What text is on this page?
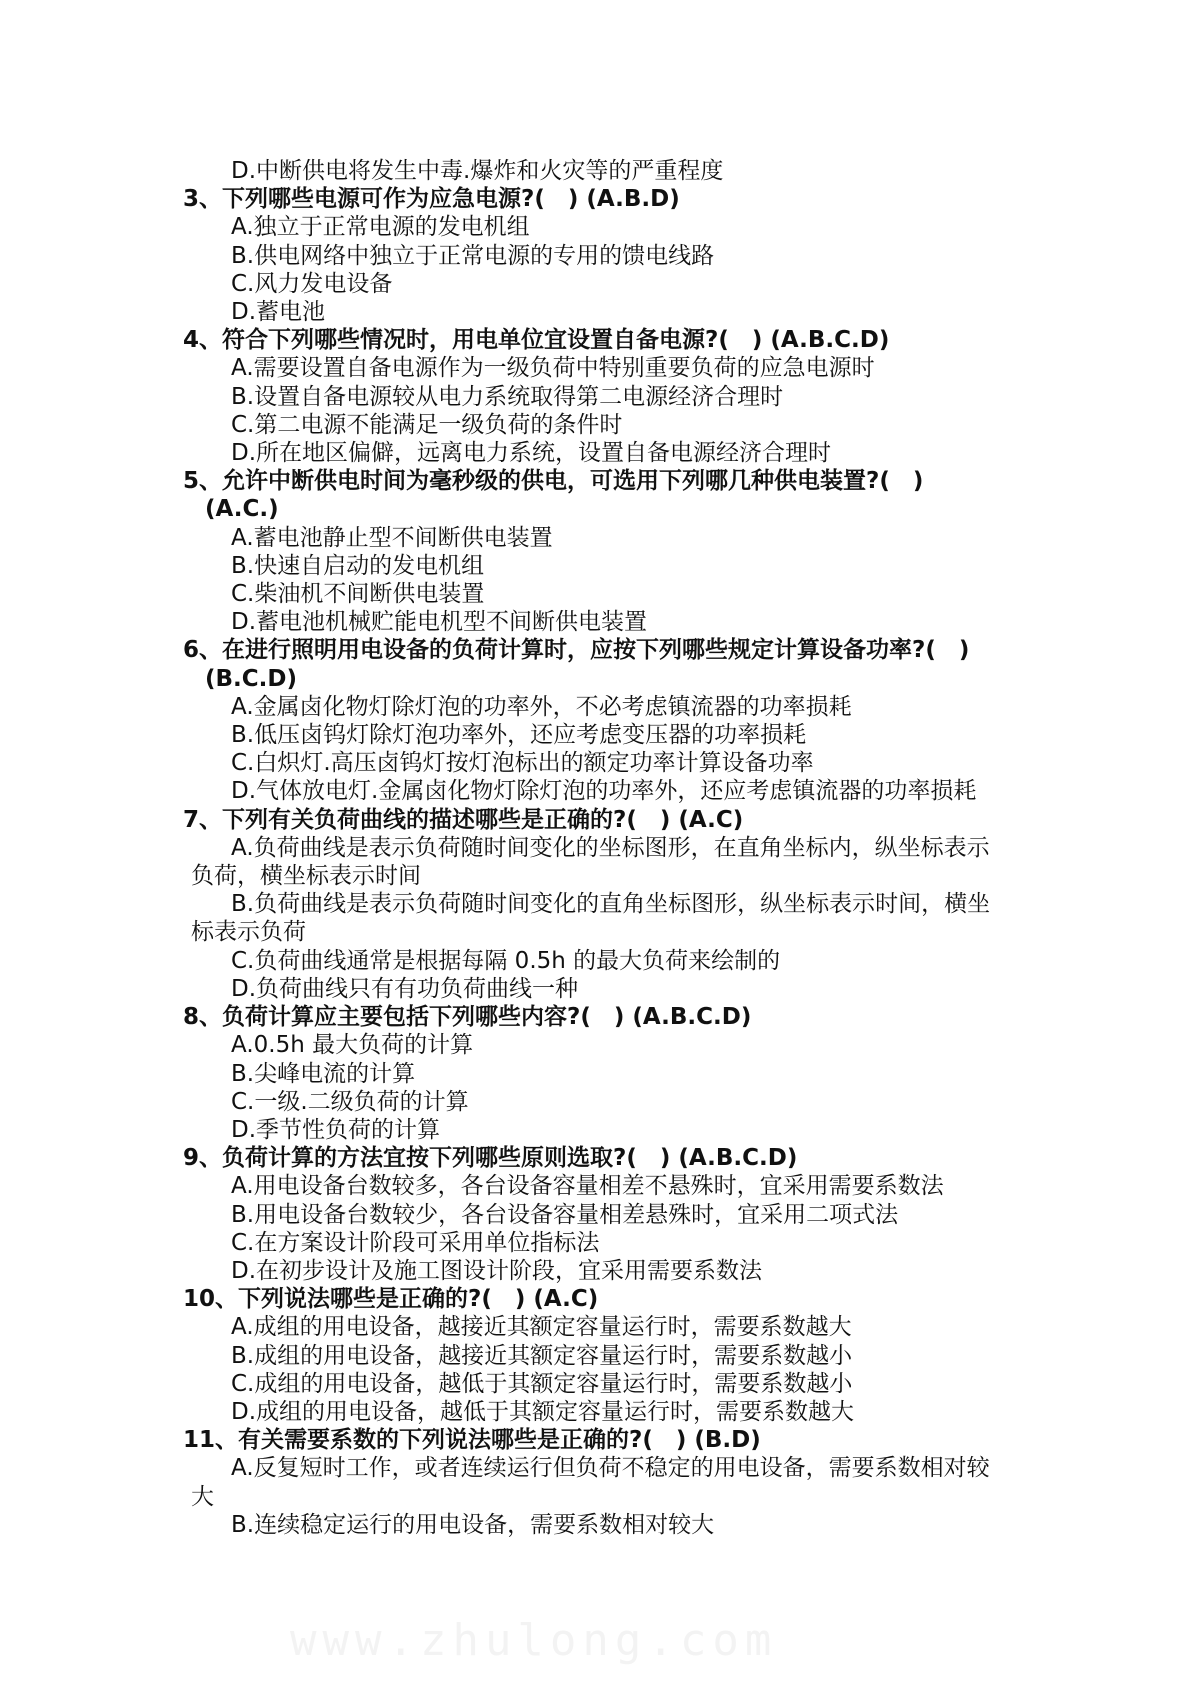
D.中断供电将发生中毒.爆炸和火灾等的严重程度
3、下列哪些电源可作为应急电源?(　) (A.B.D)
A.独立于正常电源的发电机组
B.供电网络中独立于正常电源的专用的馈电线路
C.风力发电设备
D.蓄电池
4、符合下列哪些情况时，用电单位宜设置自备电源?(　) (A.B.C.D)
A.需要设置自备电源作为一级负荷中特别重要负荷的应急电源时
B.设置自备电源较从电力系统取得第二电源经济合理时
C.第二电源不能满足一级负荷的条件时
D.所在地区偏僻，远离电力系统，设置自备电源经济合理时
5、允许中断供电时间为毫秒级的供电，可选用下列哪几种供电装置?(　)
(A.C.)
A.蓄电池静止型不间断供电装置
B.快速自启动的发电机组
C.柴油机不间断供电装置
D.蓄电池机械贮能电机型不间断供电装置
6、在进行照明用电设备的负荷计算时，应按下列哪些规定计算设备功率?(　)
(B.C.D)
A.金属卤化物灯除灯泡的功率外，不必考虑镇流器的功率损耗
B.低压卤钨灯除灯泡功率外，还应考虑变压器的功率损耗
C.白炽灯.高压卤钨灯按灯泡标出的额定功率计算设备功率
D.气体放电灯.金属卤化物灯除灯泡的功率外，还应考虑镇流器的功率损耗
7、下列有关负荷曲线的描述哪些是正确的?(　) (A.C)
A.负荷曲线是表示负荷随时间变化的坐标图形，在直角坐标内，纵坐标表示
负荷，横坐标表示时间
B.负荷曲线是表示负荷随时间变化的直角坐标图形，纵坐标表示时间，横坐
标表示负荷
C.负荷曲线通常是根据每隔 0.5h 的最大负荷来绘制的
D.负荷曲线只有有功负荷曲线一种
8、负荷计算应主要包括下列哪些内容?(　) (A.B.C.D)
A.0.5h 最大负荷的计算
B.尖峰电流的计算
C.一级.二级负荷的计算
D.季节性负荷的计算
9、负荷计算的方法宜按下列哪些原则选取?(　) (A.B.C.D)
A.用电设备台数较多，各台设备容量相差不悬殊时，宜采用需要系数法
B.用电设备台数较少，各台设备容量相差悬殊时，宜采用二项式法
C.在方案设计阶段可采用单位指标法
D.在初步设计及施工图设计阶段，宜采用需要系数法
10、下列说法哪些是正确的?(　) (A.C)
A.成组的用电设备，越接近其额定容量运行时，需要系数越大
B.成组的用电设备，越接近其额定容量运行时，需要系数越小
C.成组的用电设备，越低于其额定容量运行时，需要系数越小
D.成组的用电设备，越低于其额定容量运行时，需要系数越大
11、有关需要系数的下列说法哪些是正确的?(　) (B.D)
A.反复短时工作，或者连续运行但负荷不稳定的用电设备，需要系数相对较
大
B.连续稳定运行的用电设备，需要系数相对较大
www.zhulong.com
